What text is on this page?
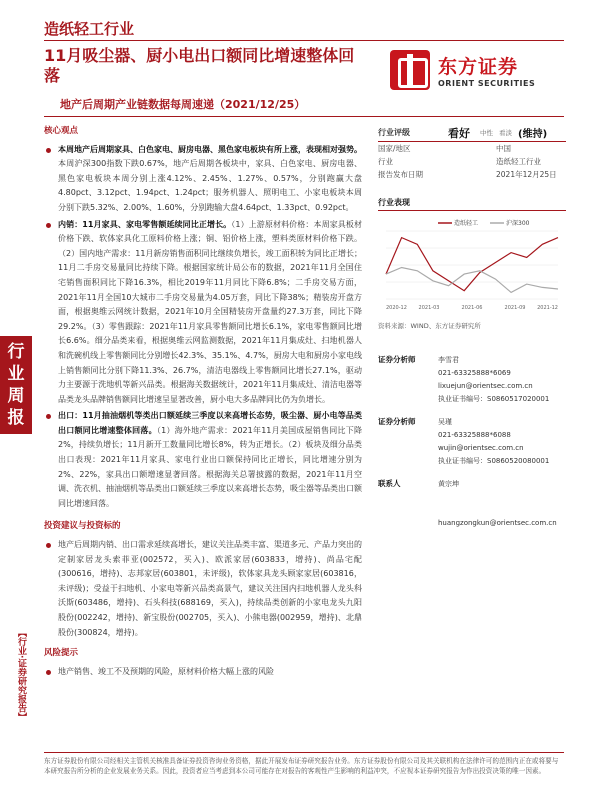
行
业
周
报
【行业·证券研究报告】
造纸轻工行业
11月吸尘器、厨小电出口额同比增速整体回落
地产后周期产业链数据每周速递（2021/12/25）
东方证券
ORIENT SECURITIES
核心观点
本周地产后周期家具、白色家电、厨房电器、黑色家电板块有所上涨，表现相对强势。本周沪深300指数下跌0.67%，地产后周期各板块中，家具、白色家电、厨房电器、黑色家电板块本周分别上涨4.12%、2.45%、1.27%、0.57%，分别跑赢大盘4.80pct、3.12pct、1.94pct、1.24pct；服务机器人、照明电工、小家电板块本周分别下跌5.32%、2.00%、1.60%，分别跑输大盘4.64pct、1.33pct、0.92pct。
内销：11月家具、家电零售额延续同比正增长。（1）上游原材料价格：本周家具板材价格下跌、软体家具化工原料价格上涨；铜、铝价格上涨，塑料类原材料价格下跌。（2）国内地产需求：11月新房销售面积同比继续负增长，竣工面积转为同比正增长；11月二手房交易量同比持续下降。根据国家统计局公布的数据，2021年11月全国住宅销售面积同比下降16.3%，相比2019年11月同比下降6.8%；二手房交易方面，2021年11月全国10大城市二手房交易量为4.05万套，同比下降38%；精装房开盘方面，根据奥维云网统计数据，2021年10月全国精装房开盘量约27.3万套，同比下降29.2%。（3）零售跟踪：2021年11月家具零售额同比增长6.1%，家电零售额同比增长6.6%。细分品类来看，根据奥维云网监测数据，2021年11月集成灶、扫地机器人和洗碗机线上零售额同比分别增长42.3%、35.1%、4.7%，厨房大电和厨房小家电线上销售额同比分别下降11.3%、26.7%，清洁电器线上零售额同比增长27.1%，驱动力主要源于洗地机等新兴品类。根据海关数据统计，2021年11月集成灶、清洁电器等品类龙头品牌销售额同比增速呈显著改善，厨小电大多品牌同比仍为负增长。
出口：11月抽油烟机等类出口额延续三季度以来高增长态势，吸尘器、厨小电等品类出口额同比增速整体回落。（1）海外地产需求：2021年11月美国成屋销售同比下降2%，持续负增长；11月新开工数量同比增长8%，转为正增长。（2）板块及细分品类出口表现：2021年11月家具、家电行业出口额保持同比正增长，同比增速分别为2%、22%，家具出口额增速显著回落。根据海关总署披露的数据，2021年11月空调、洗衣机、抽油烟机等品类出口额延续三季度以来高增长态势，吸尘器等品类出口额同比增速回落。
投资建议与投资标的
地产后周期内销、出口需求延续高增长，建议关注品类丰富、渠道多元、产品力突出的定制家居龙头索菲亚(002572，买入)、欧派家居(603833，增持)、尚品宅配(300616，增持)、志邦家居(603801，未评级)，软体家具龙头顾家家居(603816，未评级)；受益于扫地机、小家电等新兴品类高景气，建议关注国内扫地机器人龙头科沃斯(603486，增持)、石头科技(688169，买入)，持续品类创新的小家电龙头九阳股份(002242，增持)、新宝股份(002705，买入)、小熊电器(002959，增持)、北鼎股份(300824，增持)。
风险提示
地产销售、竣工不及预期的风险，原材料价格大幅上涨的风险
行业评级	看好 中性 看淡 (维持)
国家/地区	中国
行业	造纸轻工行业
报告发布日期	2021年12月25日
行业表现
造纸轻工	沪深300
2020-12 2021-03	2021-06	2021-09 2021-12
资料来源：WIND、东方证券研究所
证券分析师	李雪君
021-63325888*6069
lixuejun@orientsec.com.cn
执业证书编号：S0860517020001
证券分析师	吴瑾
021-63325888*6088
wujin@orientsec.com.cn
执业证书编号：S0860520080001
联系人	黄宗坤
huangzongkun@orientsec.com.cn
东方证券股份有限公司经相关主管机关核准具备证券投资咨询业务资格，据此开展发布证券研究报告业务。东方证券股份有限公司及其关联机构在法律许可的范围内正在或将要与本研究报告所分析的企业发展业务关系。因此，投资者应当考虑到本公司可能存在对报告的客观性产生影响的利益冲突，不应视本证券研究报告为作出投资决策的唯一因素。
